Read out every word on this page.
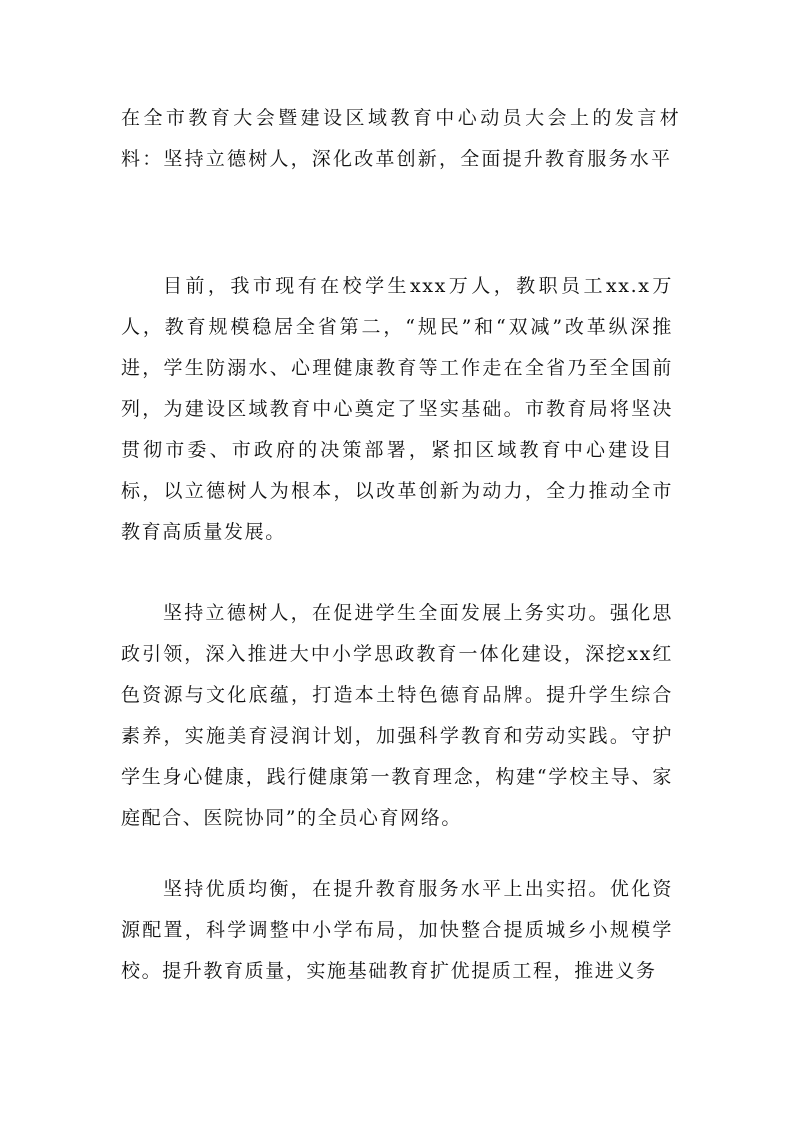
在全市教育大会暨建设区域教育中心动员大会上的发言材料：坚持立德树人，深化改革创新，全面提升教育服务水平

目前，我市现有在校学生xxx万人，教职员工xx.x万人，教育规模稳居全省第二，“规民”和“双减”改革纵深推进，学生防溺水、心理健康教育等工作走在全省乃至全国前列，为建设区域教育中心奠定了坚实基础。市教育局将坚决贯彻市委、市政府的决策部署，紧扣区域教育中心建设目标，以立德树人为根本，以改革创新为动力，全力推动全市教育高质量发展。

坚持立德树人，在促进学生全面发展上务实功。强化思政引领，深入推进大中小学思政教育一体化建设，深挖xx红色资源与文化底蕴，打造本土特色德育品牌。提升学生综合素养，实施美育浸润计划，加强科学教育和劳动实践。守护学生身心健康，践行健康第一教育理念，构建“学校主导、家庭配合、医院协同”的全员心育网络。

坚持优质均衡，在提升教育服务水平上出实招。优化资源配置，科学调整中小学布局，加快整合提质城乡小规模学校。提升教育质量，实施基础教育扩优提质工程，推进义务
